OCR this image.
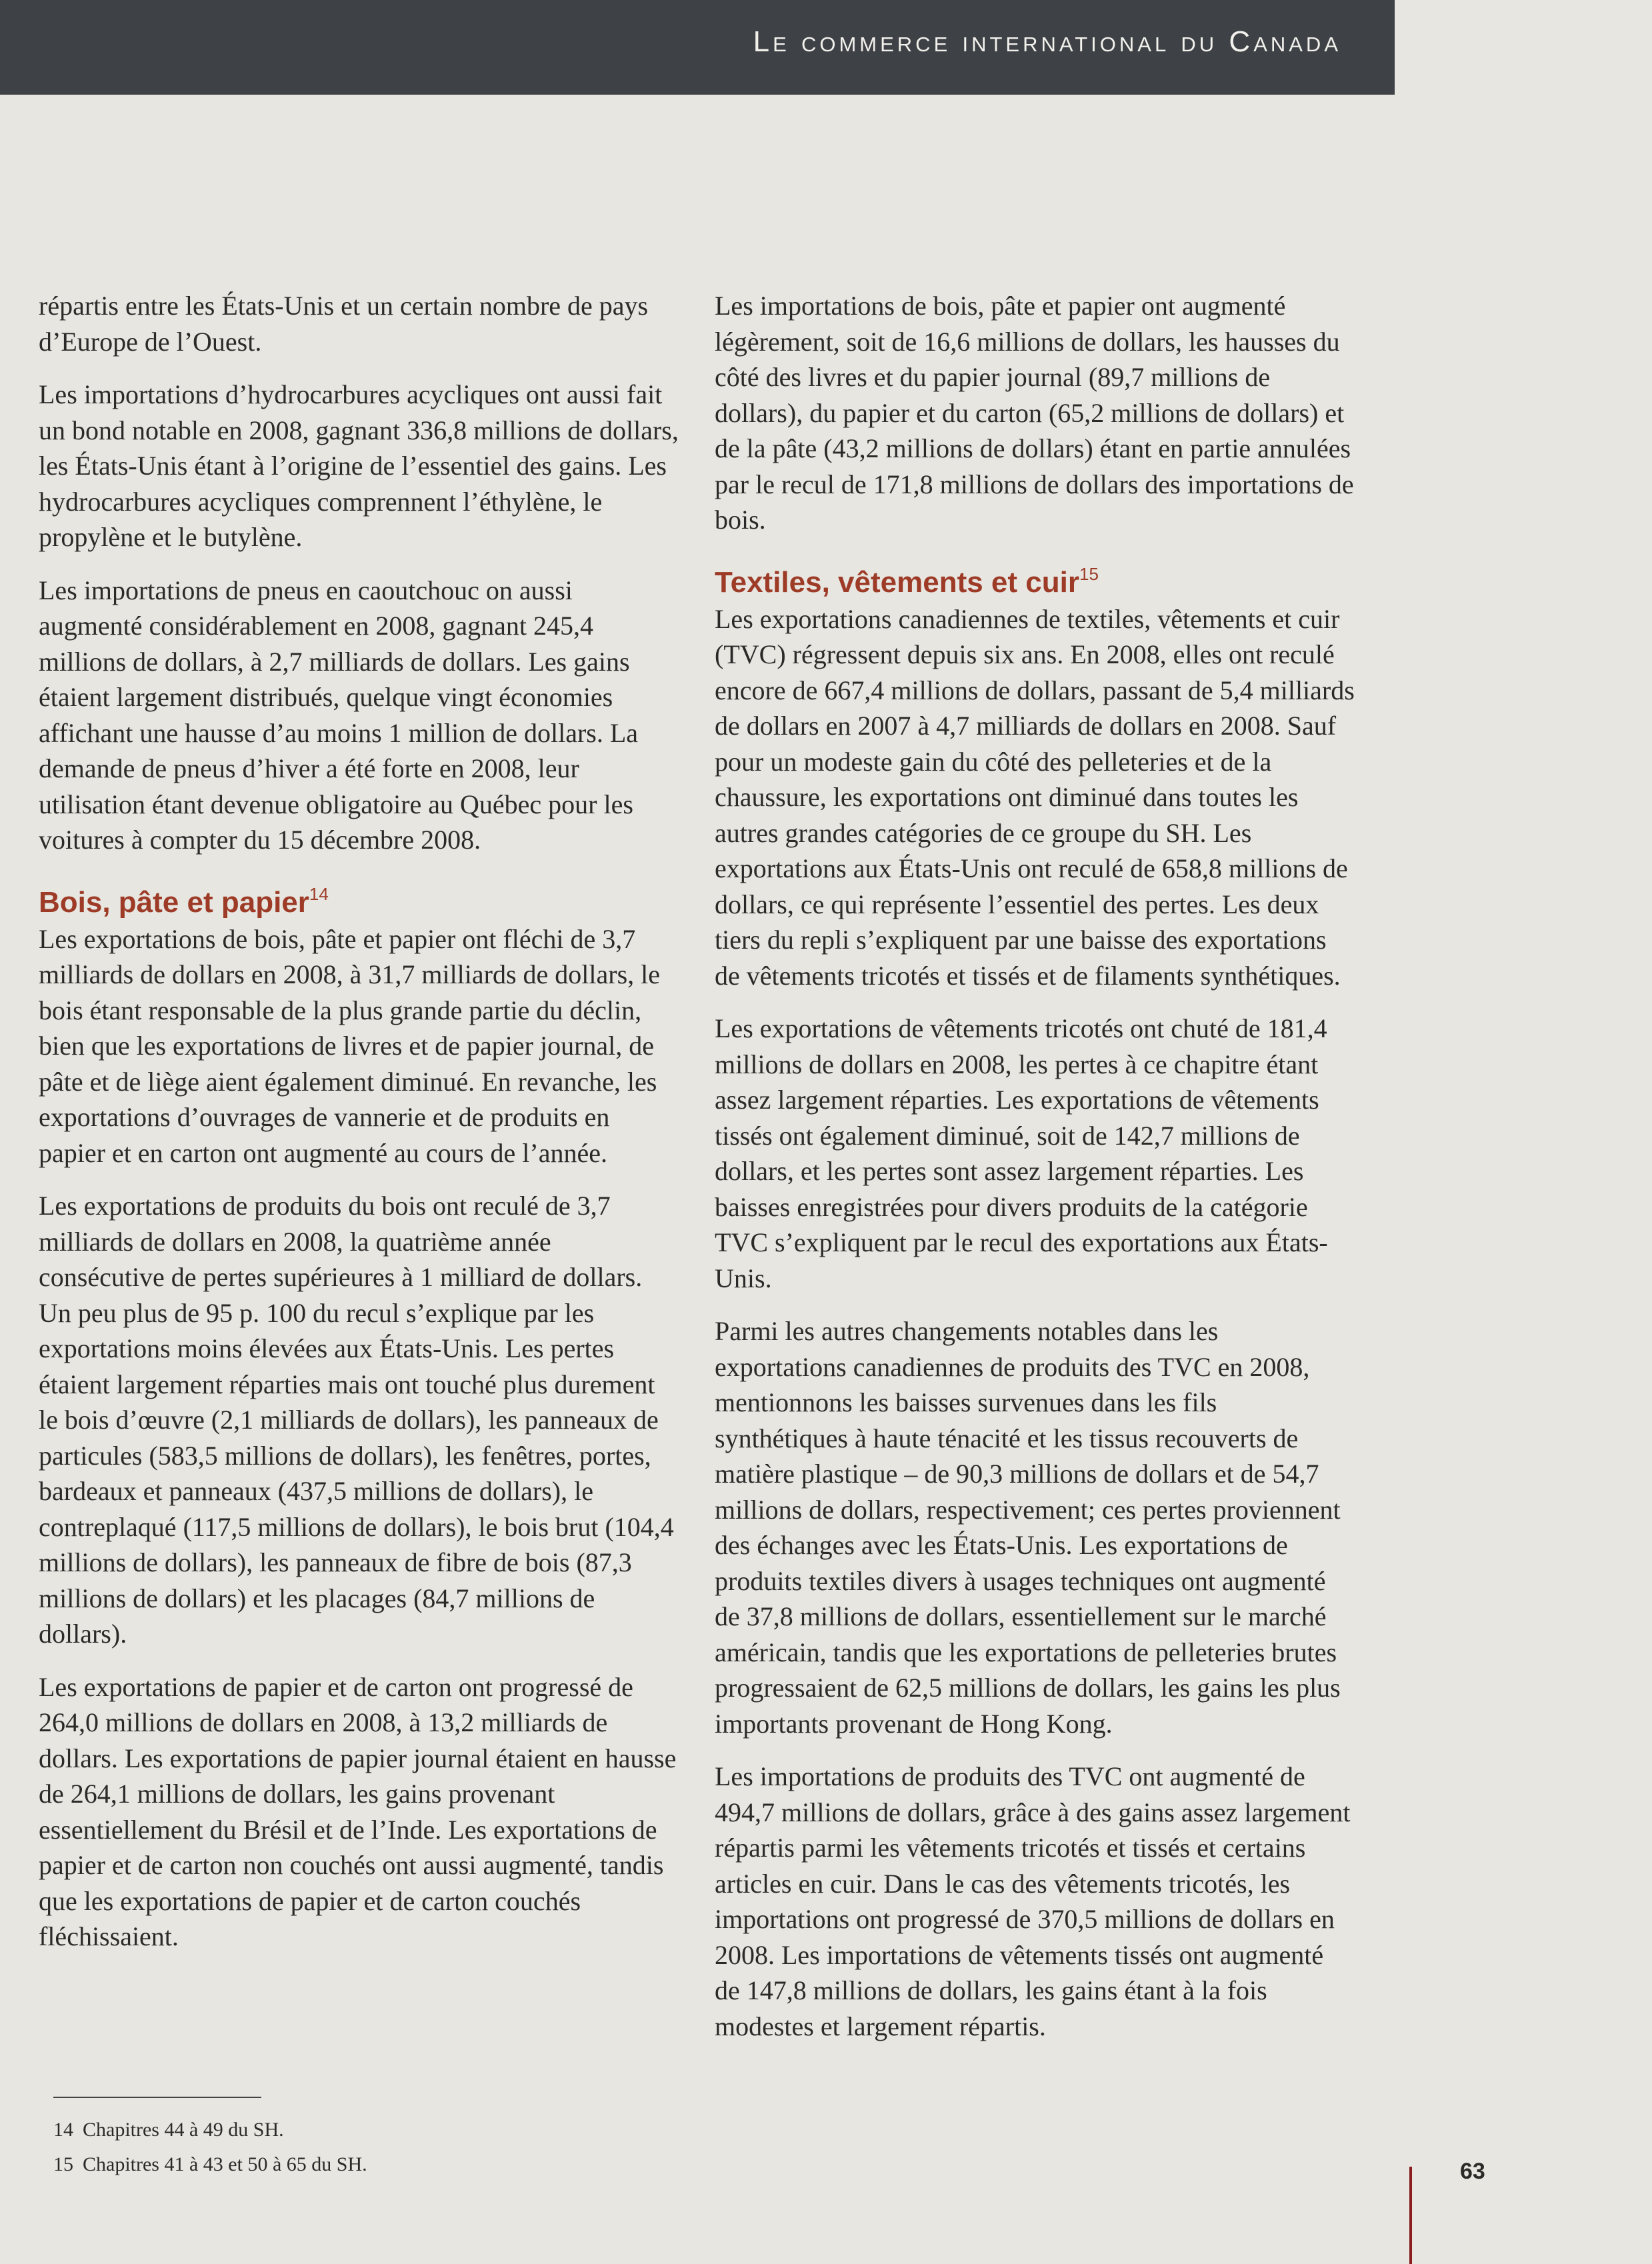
Le commerce international du Canada

répartis entre les États-Unis et un certain nombre de pays d’Europe de l’Ouest.

Les importations d’hydrocarbures acycliques ont aussi fait un bond notable en 2008, gagnant 336,8 millions de dollars, les États-Unis étant à l’origine de l’essentiel des gains. Les hydrocarbures acycliques comprennent l’éthylène, le propylène et le butylène.

Les importations de pneus en caoutchouc on aussi augmenté considérablement en 2008, gagnant 245,4 millions de dollars, à 2,7 milliards de dollars. Les gains étaient largement distribués, quelque vingt économies affichant une hausse d’au moins 1 million de dollars. La demande de pneus d’hiver a été forte en 2008, leur utilisation étant devenue obligatoire au Québec pour les voitures à compter du 15 décembre 2008.

Bois, pâte et papier$^{14}$

Les exportations de bois, pâte et papier ont fléchi de 3,7 milliards de dollars en 2008, à 31,7 milliards de dollars, le bois étant responsable de la plus grande partie du déclin, bien que les exportations de livres et de papier journal, de pâte et de liège aient également diminué. En revanche, les exportations d’ouvrages de vannerie et de produits en papier et en carton ont augmenté au cours de l’année.

Les exportations de produits du bois ont reculé de 3,7 milliards de dollars en 2008, la quatrième année consécutive de pertes supérieures à 1 milliard de dollars. Un peu plus de 95 p. 100 du recul s’explique par les exportations moins élevées aux États-Unis. Les pertes étaient largement réparties mais ont touché plus durement le bois d’œuvre (2,1 milliards de dollars), les panneaux de particules (583,5 millions de dollars), les fenêtres, portes, bardeaux et panneaux (437,5 millions de dollars), le contreplaqué (117,5 millions de dollars), le bois brut (104,4 millions de dollars), les panneaux de fibre de bois (87,3 millions de dollars) et les placages (84,7 millions de dollars).

Les exportations de papier et de carton ont progressé de 264,0 millions de dollars en 2008, à 13,2 milliards de dollars. Les exportations de papier journal étaient en hausse de 264,1 millions de dollars, les gains provenant essentiellement du Brésil et de l’Inde. Les exportations de papier et de carton non couchés ont aussi augmenté, tandis que les exportations de papier et de carton couchés fléchissaient.

Les importations de bois, pâte et papier ont augmenté légèrement, soit de 16,6 millions de dollars, les hausses du côté des livres et du papier journal (89,7 millions de dollars), du papier et du carton (65,2 millions de dollars) et de la pâte (43,2 millions de dollars) étant en partie annulées par le recul de 171,8 millions de dollars des importations de bois.

Textiles, vêtements et cuir$^{15}$

Les exportations canadiennes de textiles, vêtements et cuir (TVC) régressent depuis six ans. En 2008, elles ont reculé encore de 667,4 millions de dollars, passant de 5,4 milliards de dollars en 2007 à 4,7 milliards de dollars en 2008. Sauf pour un modeste gain du côté des pelleteries et de la chaussure, les exportations ont diminué dans toutes les autres grandes catégories de ce groupe du SH. Les exportations aux États-Unis ont reculé de 658,8 millions de dollars, ce qui représente l’essentiel des pertes. Les deux tiers du repli s’expliquent par une baisse des exportations de vêtements tricotés et tissés et de filaments synthétiques.

Les exportations de vêtements tricotés ont chuté de 181,4 millions de dollars en 2008, les pertes à ce chapitre étant assez largement réparties. Les exportations de vêtements tissés ont également diminué, soit de 142,7 millions de dollars, et les pertes sont assez largement réparties. Les baisses enregistrées pour divers produits de la catégorie TVC s’expliquent par le recul des exportations aux États-Unis.

Parmi les autres changements notables dans les exportations canadiennes de produits des TVC en 2008, mentionnons les baisses survenues dans les fils synthétiques à haute ténacité et les tissus recouverts de matière plastique – de 90,3 millions de dollars et de 54,7 millions de dollars, respectivement; ces pertes proviennent des échanges avec les États-Unis. Les exportations de produits textiles divers à usages techniques ont augmenté de 37,8 millions de dollars, essentiellement sur le marché américain, tandis que les exportations de pelleteries brutes progressaient de 62,5 millions de dollars, les gains les plus importants provenant de Hong Kong.

Les importations de produits des TVC ont augmenté de 494,7 millions de dollars, grâce à des gains assez largement répartis parmi les vêtements tricotés et tissés et certains articles en cuir. Dans le cas des vêtements tricotés, les importations ont progressé de 370,5 millions de dollars en 2008. Les importations de vêtements tissés ont augmenté de 147,8 millions de dollars, les gains étant à la fois modestes et largement répartis.

14 Chapitres 44 à 49 du SH.
15 Chapitres 41 à 43 et 50 à 65 du SH.	63
